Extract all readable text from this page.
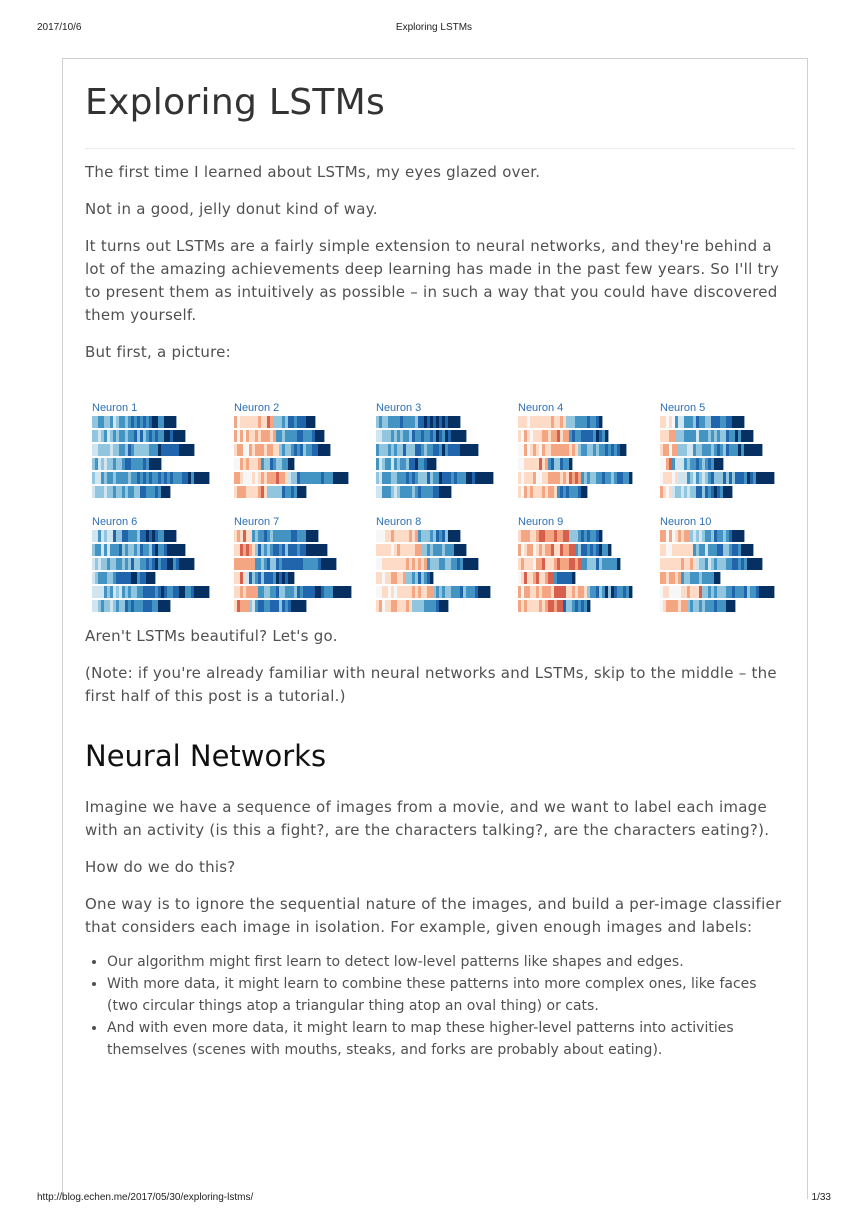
2017/10/6	Exploring LSTMs
Exploring LSTMs

The first time I learned about LSTMs, my eyes glazed over.

Not in a good, jelly donut kind of way.

It turns out LSTMs are a fairly simple extension to neural networks, and they're behind a lot of the amazing achievements deep learning has made in the past few years. So I'll try to present them as intuitively as possible – in such a way that you could have discovered them yourself.

But first, a picture:

Aren't LSTMs beautiful? Let's go.

(Note: if you're already familiar with neural networks and LSTMs, skip to the middle – the first half of this post is a tutorial.)

Neural Networks

Imagine we have a sequence of images from a movie, and we want to label each image with an activity (is this a fight?, are the characters talking?, are the characters eating?).

How do we do this?

One way is to ignore the sequential nature of the images, and build a per-image classifier that considers each image in isolation. For example, given enough images and labels:

• Our algorithm might first learn to detect low-level patterns like shapes and edges.
• With more data, it might learn to combine these patterns into more complex ones, like faces (two circular things atop a triangular thing atop an oval thing) or cats.
• And with even more data, it might learn to map these higher-level patterns into activities themselves (scenes with mouths, steaks, and forks are probably about eating).
Neuron 1	Neuron 2	Neuron 3	Neuron 4	Neuron 5
Neuron 6	Neuron 7	Neuron 8	Neuron 9	Neuron 10
http://blog.echen.me/2017/05/30/exploring-lstms/	1/33
